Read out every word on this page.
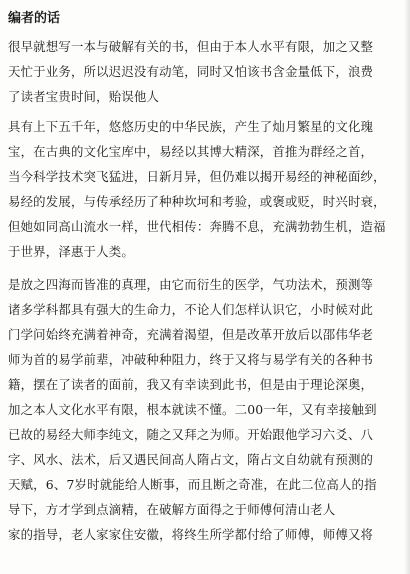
编者的话
很早就想写一本与破解有关的书，但由于本人水平有限，加之又整
天忙于业务，所以迟迟没有动笔，同时又怕该书含金量低下，浪费
了读者宝贵时间，贻误他人
具有上下五千年，悠悠历史的中华民族，产生了灿月繁星的文化瑰
宝，在古典的文化宝库中，易经以其博大精深，首推为群经之首，
当今科学技术突飞猛进，日新月异，但仍难以揭开易经的神秘面纱，
易经的发展，与传承经历了种种坎坷和考验，或褒或贬，时兴时衰，
但她如同高山流水一样，世代相传：奔腾不息，充满勃勃生机，造福
于世界，泽惠于人类。
是放之四海而皆准的真理，由它而衍生的医学，气功法术，预测等
诸多学科都具有强大的生命力，不论人们怎样认识它，小时候对此
门学问始终充满着神奇，充满着渴望，但是改革开放后以邵伟华老
师为首的易学前辈，冲破种种阻力，终于又将与易学有关的各种书
籍，摆在了读者的面前，我又有幸读到此书，但是由于理论深奥，
加之本人文化水平有限，根本就读不懂。二00一年，又有幸接触到
已故的易经大师李纯文，随之又拜之为师。开始跟他学习六爻、八
字、风水、法术，后又遇民间高人隋占文，隋占文自幼就有预测的
天赋，6、7岁时就能给人断事，而且断之奇准，在此二位高人的指
导下，方才学到点滴精，在破解方面得之于师傅何清山老人
家的指导，老人家家住安徽，将终生所学都付给了师傅，师傅又将
